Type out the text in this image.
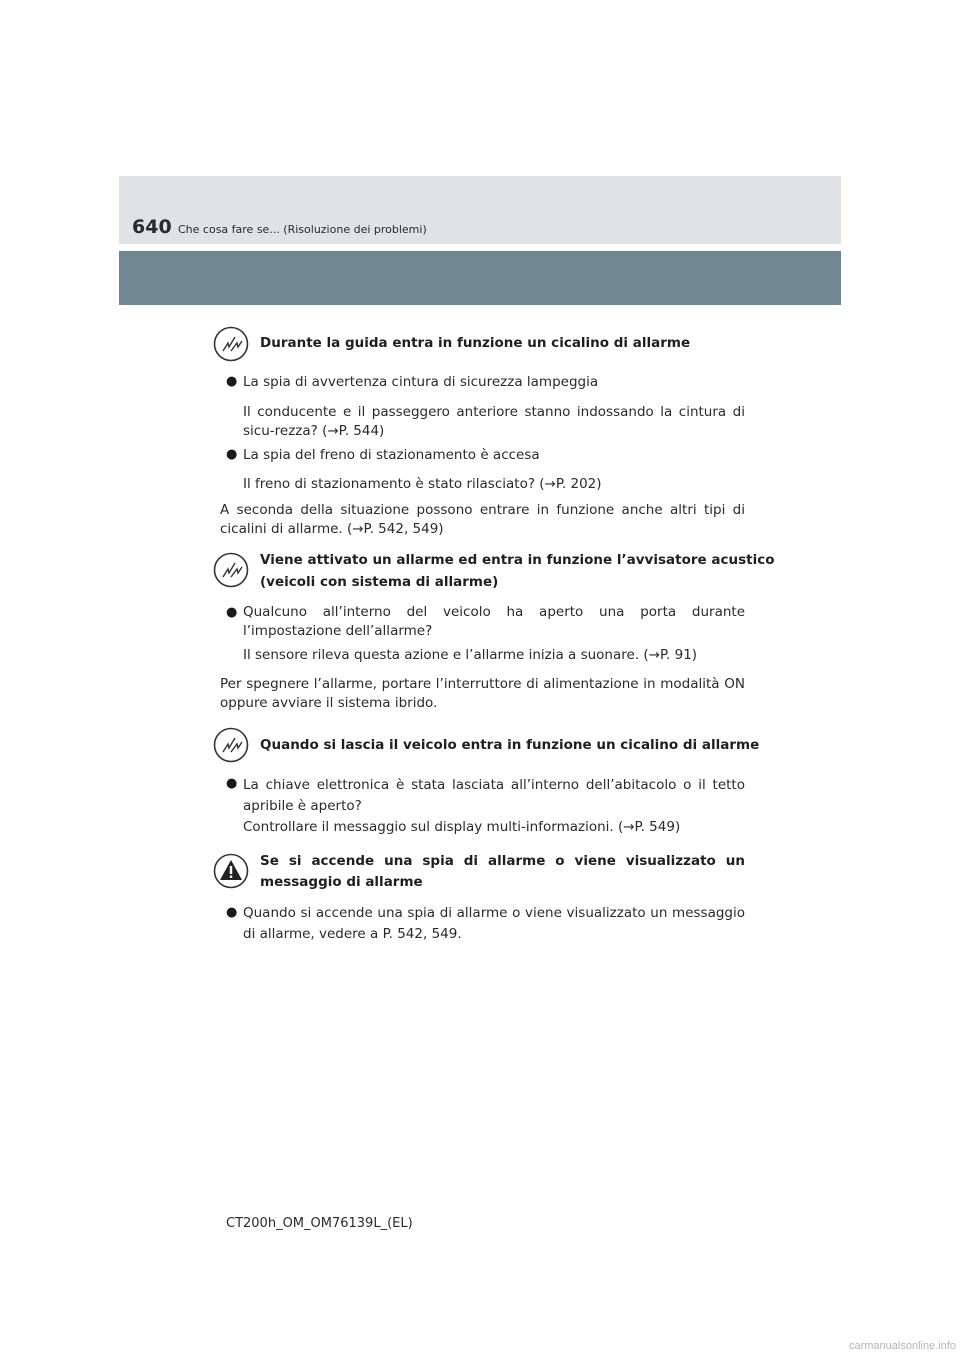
640 Che cosa fare se... (Risoluzione dei problemi)
Durante la guida entra in funzione un cicalino di allarme
● La spia di avvertenza cintura di sicurezza lampeggia
Il conducente e il passeggero anteriore stanno indossando la cintura di sicu-rezza? (→P. 544)
● La spia del freno di stazionamento è accesa
Il freno di stazionamento è stato rilasciato? (→P. 202)
A seconda della situazione possono entrare in funzione anche altri tipi di cicalini di allarme. (→P. 542, 549)
Viene attivato un allarme ed entra in funzione l’avvisatore acustico
(veicoli con sistema di allarme)
● Qualcuno all’interno del veicolo ha aperto una porta durante l’impostazione dell’allarme?
Il sensore rileva questa azione e l’allarme inizia a suonare. (→P. 91)
Per spegnere l’allarme, portare l’interruttore di alimentazione in modalità ON oppure avviare il sistema ibrido.
Quando si lascia il veicolo entra in funzione un cicalino di allarme
● La chiave elettronica è stata lasciata all’interno dell’abitacolo o il tetto apribile è aperto?
Controllare il messaggio sul display multi-informazioni. (→P. 549)
Se si accende una spia di allarme o viene visualizzato un messaggio di allarme
● Quando si accende una spia di allarme o viene visualizzato un messaggio di allarme, vedere a P. 542, 549.
CT200h_OM_OM76139L_(EL)
carmanualsonline.info
